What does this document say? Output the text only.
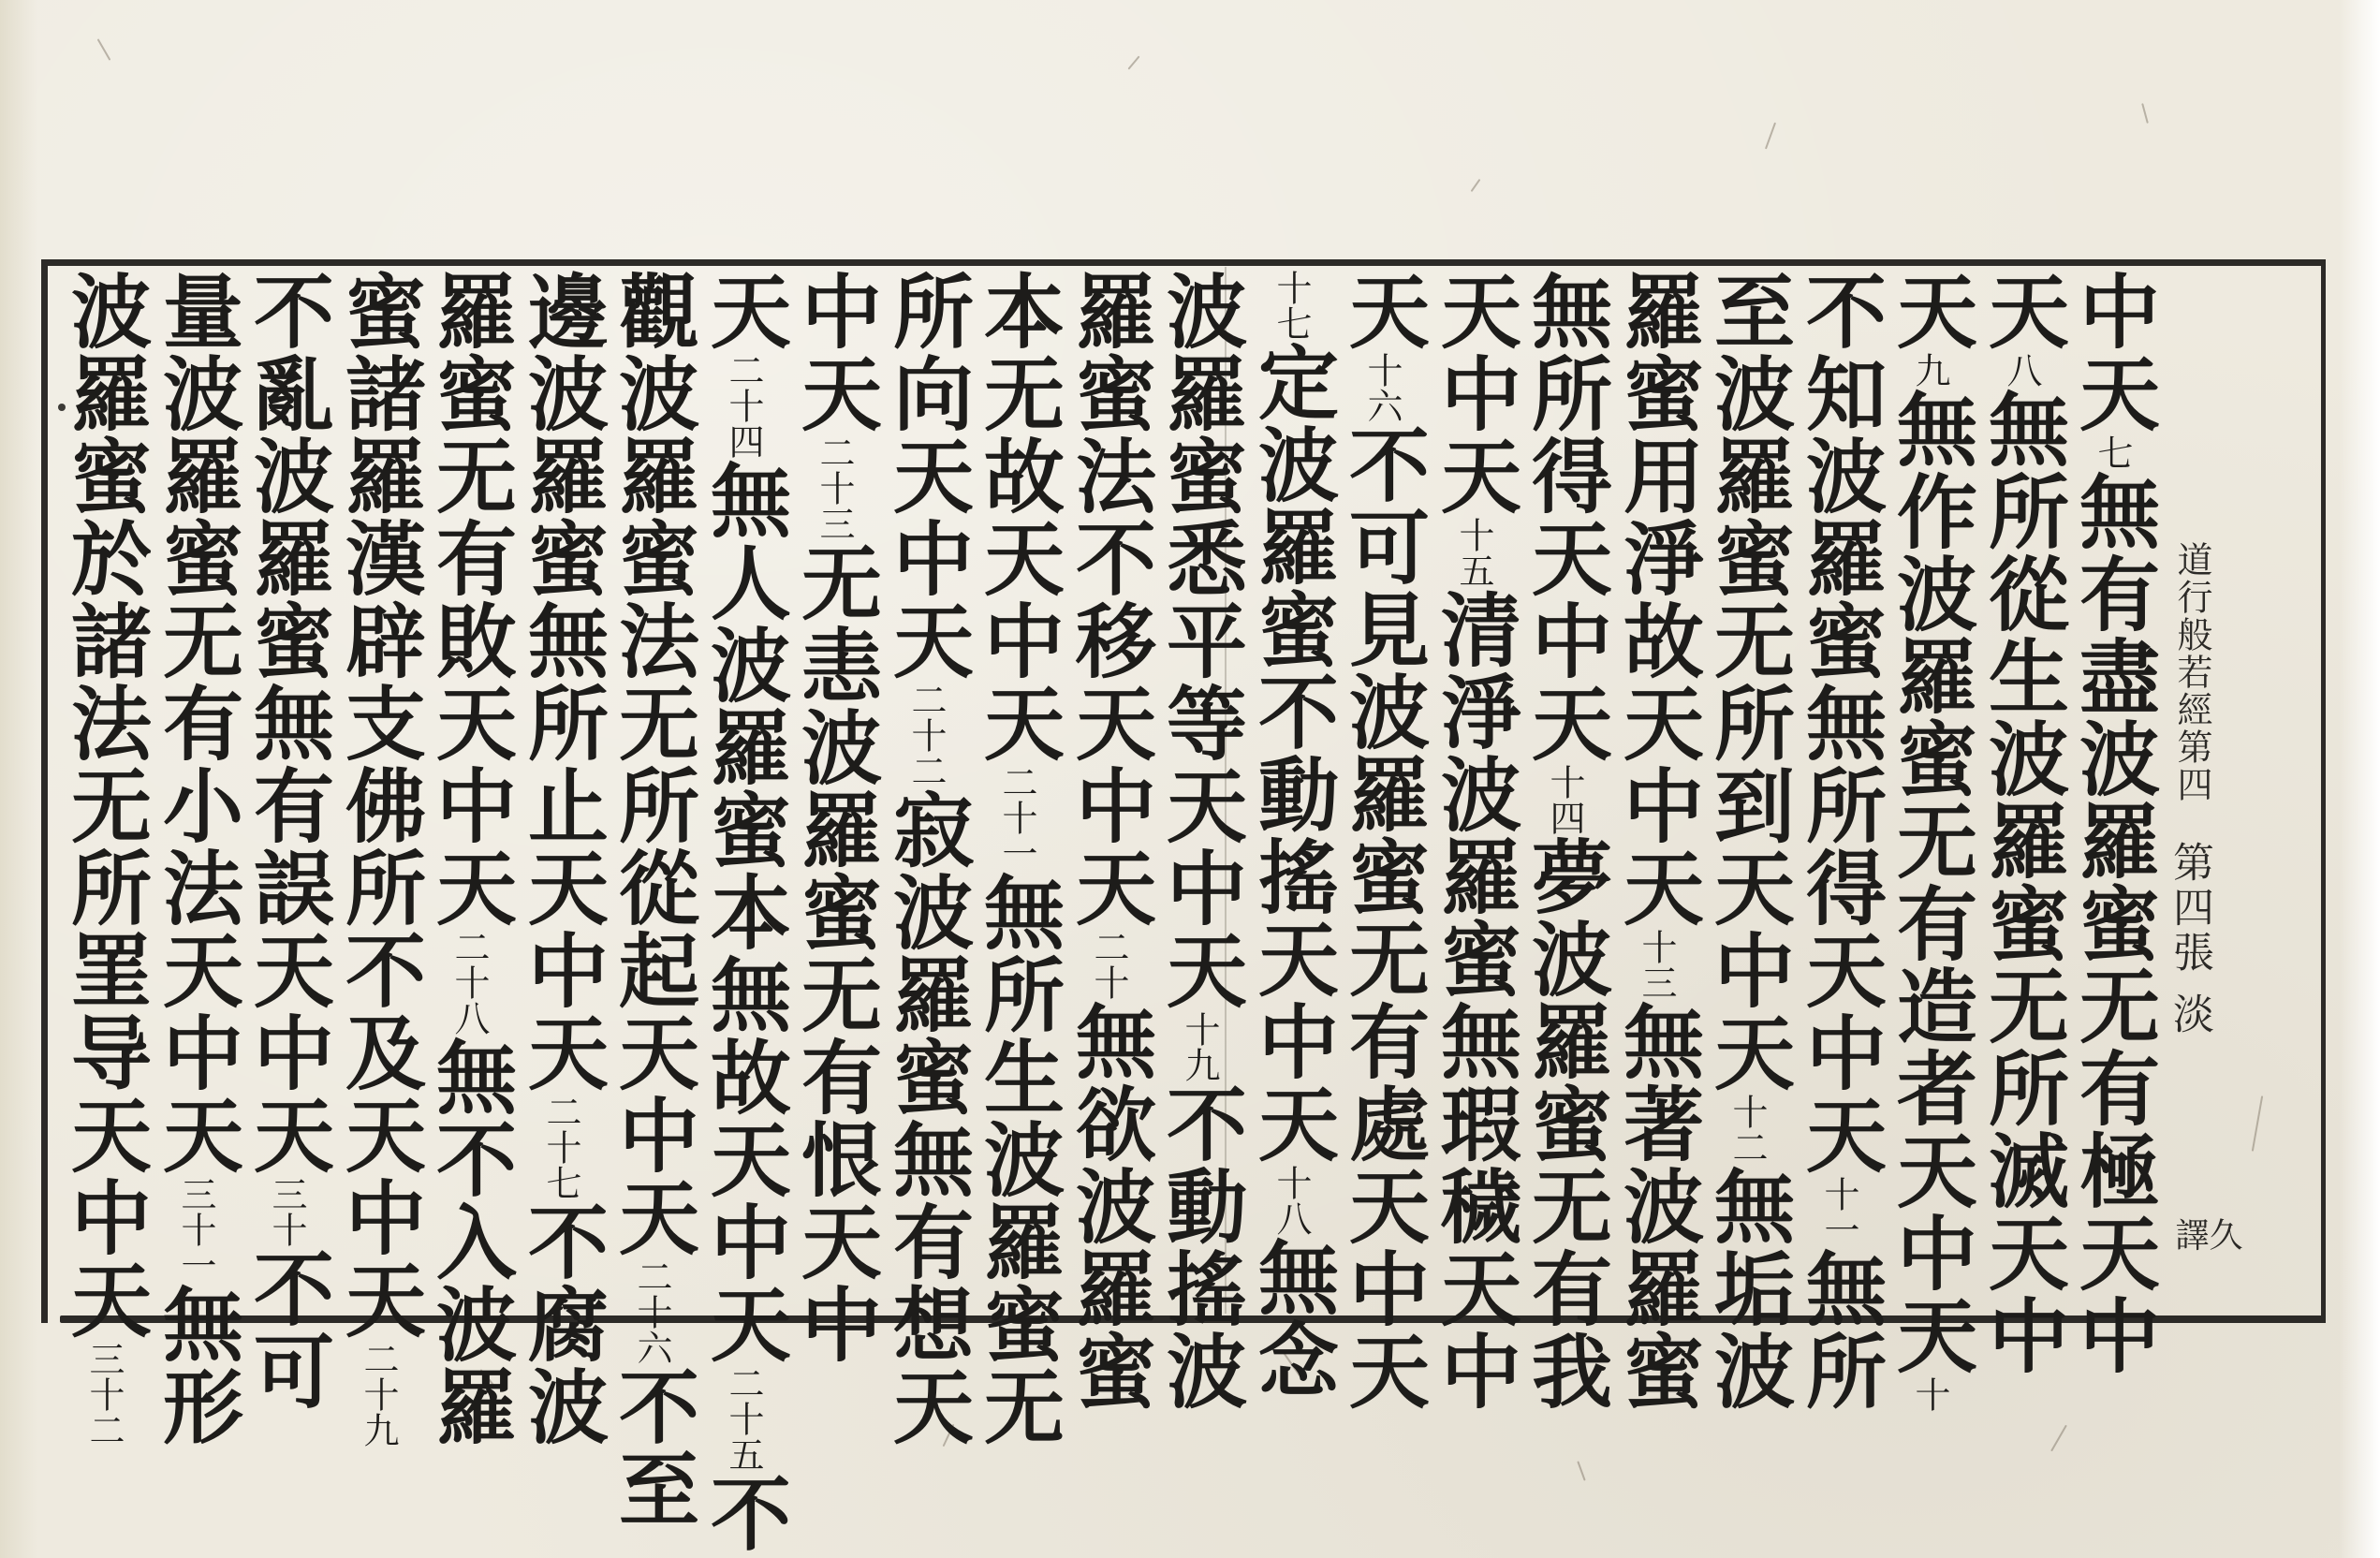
道行般若經第四
第四張 淡
久譯
中天七無有盡波羅蜜无有極天中
天八無所從生波羅蜜无所滅天中
天九無作波羅蜜无有造者天中天十
不知波羅蜜無所得天中天十一無所
至波羅蜜无所到天中天十二無垢波
羅蜜用淨故天中天十三無著波羅蜜
無所得天中天十四夢波羅蜜无有我
天中天十五清淨波羅蜜無瑕穢天中
天十六不可見波羅蜜无有處天中天
十七定波羅蜜不動搖天中天十八無念
波羅蜜悉平等天中天十九不動搖波
羅蜜法不移天中天二十無欲波羅蜜
本无故天中天二十一無所生波羅蜜无
所向天中天二十二寂波羅蜜無有想天
中天二十三无恚波羅蜜无有恨天中
天二十四無人波羅蜜本無故天中天二十五不
觀波羅蜜法无所從起天中天二十六不至
邊波羅蜜無所止天中天二十七不腐波
羅蜜无有敗天中天二十八無不入波羅
蜜諸羅漢辟支佛所不及天中天二十九
不亂波羅蜜無有誤天中天三十不可
量波羅蜜无有小法天中天三十一無形
波羅蜜於諸法无所罣导天中天三十二
